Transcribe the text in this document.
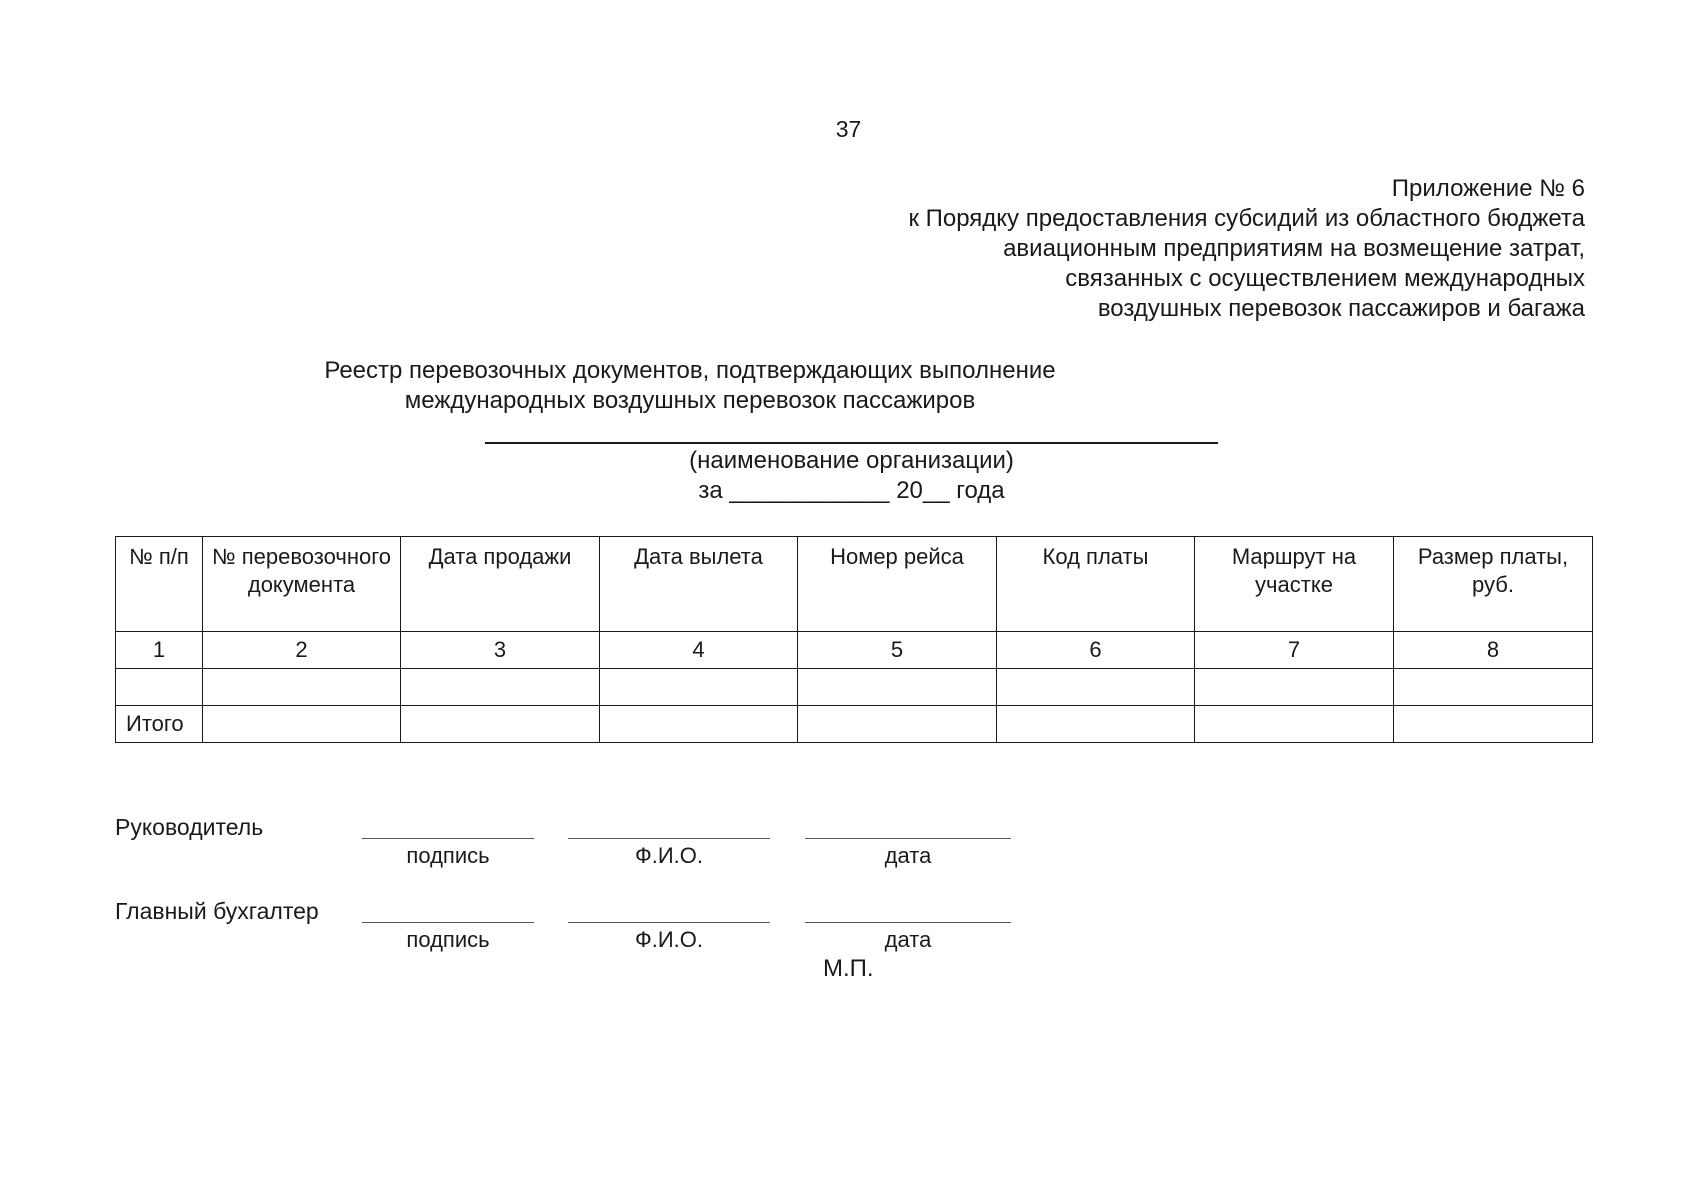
37
Приложение № 6
к Порядку предоставления субсидий из областного бюджета
авиационным предприятиям на возмещение затрат,
связанных с осуществлением международных
воздушных перевозок пассажиров и багажа
Реестр перевозочных документов, подтверждающих выполнение
международных воздушных перевозок пассажиров
(наименование организации)
за ____________ 20__ года
№ п/п	№ перевозочного документа	Дата продажи	Дата вылета	Номер рейса	Код платы	Маршрут на участке	Размер платы, руб.
1	2	3	4	5	6	7	8

Итого							
Руководитель
подпись	Ф.И.О.	дата
Главный бухгалтер
подпись	Ф.И.О.	дата
М.П.
